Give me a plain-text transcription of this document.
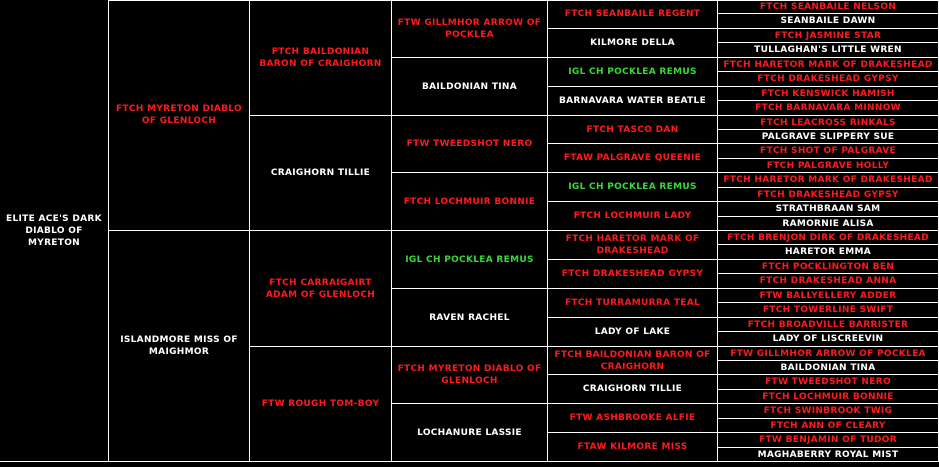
ELITE ACE'S DARK DIABLO OF MYRETON
FTCH MYRETON DIABLO OF GLENLOCH
ISLANDMORE MISS OF MAIGHMOR
FTCH BAILDONIAN BARON OF CRAIGHORN
CRAIGHORN TILLIE
FTCH CARRAIGAIRT ADAM OF GLENLOCH
FTW ROUGH TOM-BOY
FTW GILLMHOR ARROW OF POCKLEA
BAILDONIAN TINA
FTW TWEEDSHOT NERO
FTCH LOCHMUIR BONNIE
IGL CH POCKLEA REMUS
RAVEN RACHEL
FTCH MYRETON DIABLO OF GLENLOCH
LOCHANURE LASSIE
FTCH SEANBAILE REGENT
KILMORE DELLA
IGL CH POCKLEA REMUS
BARNAVARA WATER BEATLE
FTCH TASCO DAN
FTAW PALGRAVE QUEENIE
IGL CH POCKLEA REMUS
FTCH LOCHMUIR LADY
FTCH HARETOR MARK OF DRAKESHEAD
FTCH DRAKESHEAD GYPSY
FTCH TURRAMURRA TEAL
LADY OF LAKE
FTCH BAILDONIAN BARON OF CRAIGHORN
CRAIGHORN TILLIE
FTW ASHBROOKE ALFIE
FTAW KILMORE MISS
FTCH SEANBAILE NELSON
SEANBAILE DAWN
FTCH JASMINE STAR
TULLAGHAN'S LITTLE WREN
FTCH HARETOR MARK OF DRAKESHEAD
FTCH DRAKESHEAD GYPSY
FTCH KENSWICK HAMISH
FTCH BARNAVARA MINNOW
FTCH LEACROSS RINKALS
PALGRAVE SLIPPERY SUE
FTCH SHOT OF PALGRAVE
FTCH PALGRAVE HOLLY
FTCH HARETOR MARK OF DRAKESHEAD
FTCH DRAKESHEAD GYPSY
STRATHBRAAN SAM
RAMORNIE ALISA
FTCH BRENJON DIRK OF DRAKESHEAD
HARETOR EMMA
FTCH POCKLINGTON BEN
FTCH DRAKESHEAD ANNA
FTW BALLYELLERY ADDER
FTCH TOWERLINE SWIFT
FTCH BROADVILLE BARRISTER
LADY OF LISCREEVIN
FTW GILLMHOR ARROW OF POCKLEA
BAILDONIAN TINA
FTW TWEEDSHOT NERO
FTCH LOCHMUIR BONNIE
FTCH SWINBROOK TWIG
FTCH ANN OF CLEARY
FTW BENJAMIN OF TUDOR
MAGHABERRY ROYAL MIST
